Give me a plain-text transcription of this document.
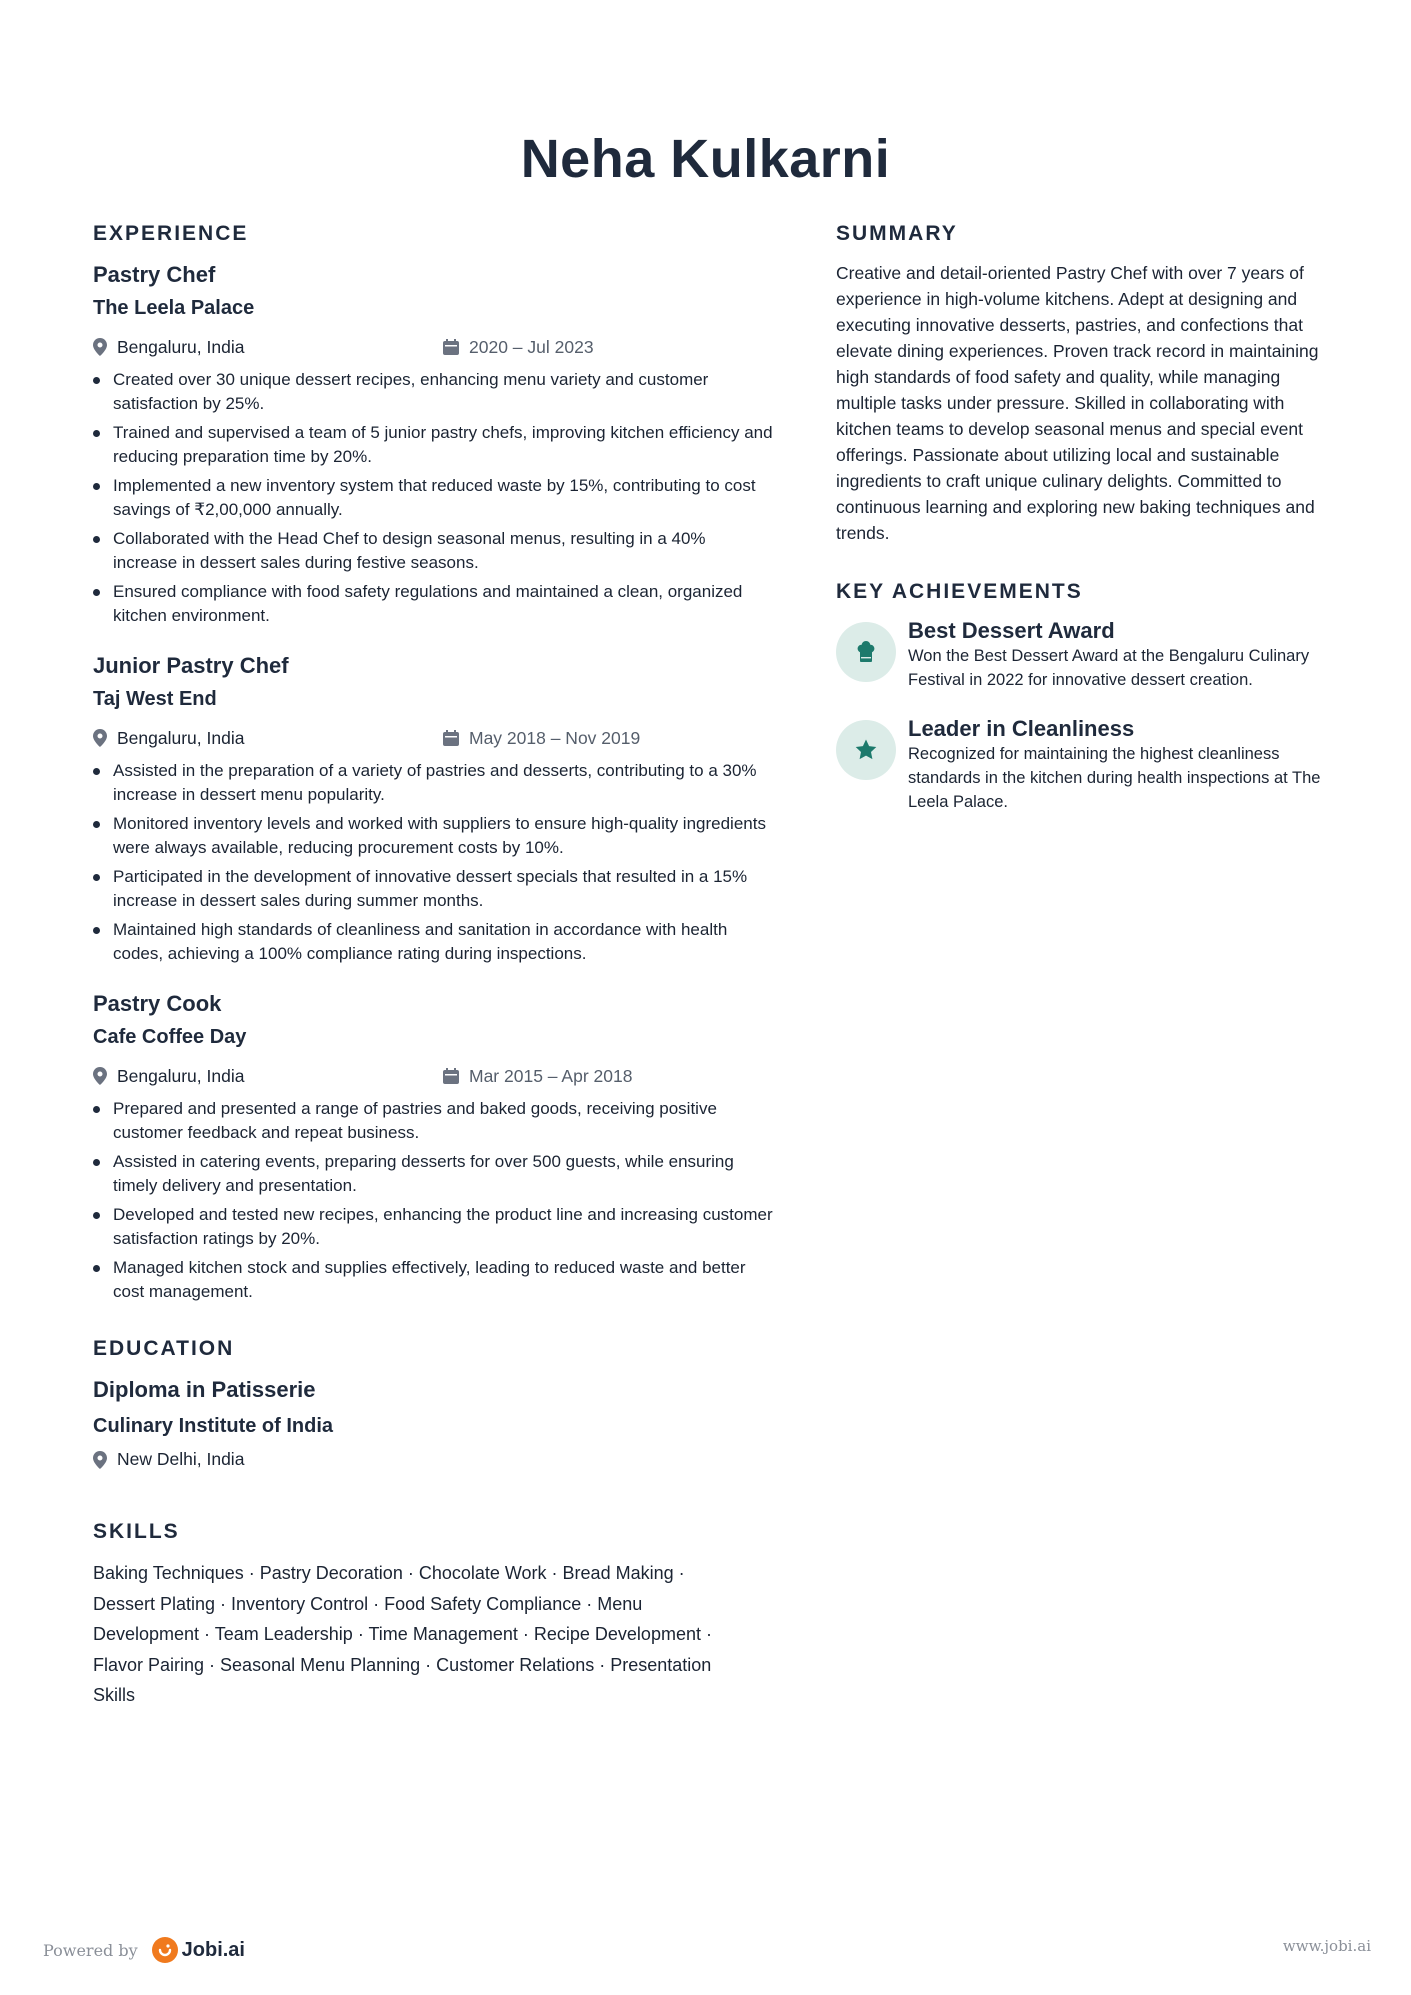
Neha Kulkarni
EXPERIENCE
Pastry Chef
The Leela Palace
Bengaluru, India	2020 – Jul 2023
Created over 30 unique dessert recipes, enhancing menu variety and customer satisfaction by 25%.
Trained and supervised a team of 5 junior pastry chefs, improving kitchen efficiency and reducing preparation time by 20%.
Implemented a new inventory system that reduced waste by 15%, contributing to cost savings of ₹2,00,000 annually.
Collaborated with the Head Chef to design seasonal menus, resulting in a 40% increase in dessert sales during festive seasons.
Ensured compliance with food safety regulations and maintained a clean, organized kitchen environment.
Junior Pastry Chef
Taj West End
Bengaluru, India	May 2018 – Nov 2019
Assisted in the preparation of a variety of pastries and desserts, contributing to a 30% increase in dessert menu popularity.
Monitored inventory levels and worked with suppliers to ensure high-quality ingredients were always available, reducing procurement costs by 10%.
Participated in the development of innovative dessert specials that resulted in a 15% increase in dessert sales during summer months.
Maintained high standards of cleanliness and sanitation in accordance with health codes, achieving a 100% compliance rating during inspections.
Pastry Cook
Cafe Coffee Day
Bengaluru, India	Mar 2015 – Apr 2018
Prepared and presented a range of pastries and baked goods, receiving positive customer feedback and repeat business.
Assisted in catering events, preparing desserts for over 500 guests, while ensuring timely delivery and presentation.
Developed and tested new recipes, enhancing the product line and increasing customer satisfaction ratings by 20%.
Managed kitchen stock and supplies effectively, leading to reduced waste and better cost management.
EDUCATION
Diploma in Patisserie
Culinary Institute of India
New Delhi, India
SKILLS
Baking Techniques · Pastry Decoration · Chocolate Work · Bread Making · Dessert Plating · Inventory Control · Food Safety Compliance · Menu Development · Team Leadership · Time Management · Recipe Development · Flavor Pairing · Seasonal Menu Planning · Customer Relations · Presentation Skills
SUMMARY

Creative and detail-oriented Pastry Chef with over 7 years of experience in high-volume kitchens. Adept at designing and executing innovative desserts, pastries, and confections that elevate dining experiences. Proven track record in maintaining high standards of food safety and quality, while managing multiple tasks under pressure. Skilled in collaborating with kitchen teams to develop seasonal menus and special event offerings. Passionate about utilizing local and sustainable ingredients to craft unique culinary delights. Committed to continuous learning and exploring new baking techniques and trends.

KEY ACHIEVEMENTS
Best Dessert Award
Won the Best Dessert Award at the Bengaluru Culinary Festival in 2022 for innovative dessert creation.
Leader in Cleanliness
Recognized for maintaining the highest cleanliness standards in the kitchen during health inspections at The Leela Palace.
Powered by Jobi.ai	www.jobi.ai
